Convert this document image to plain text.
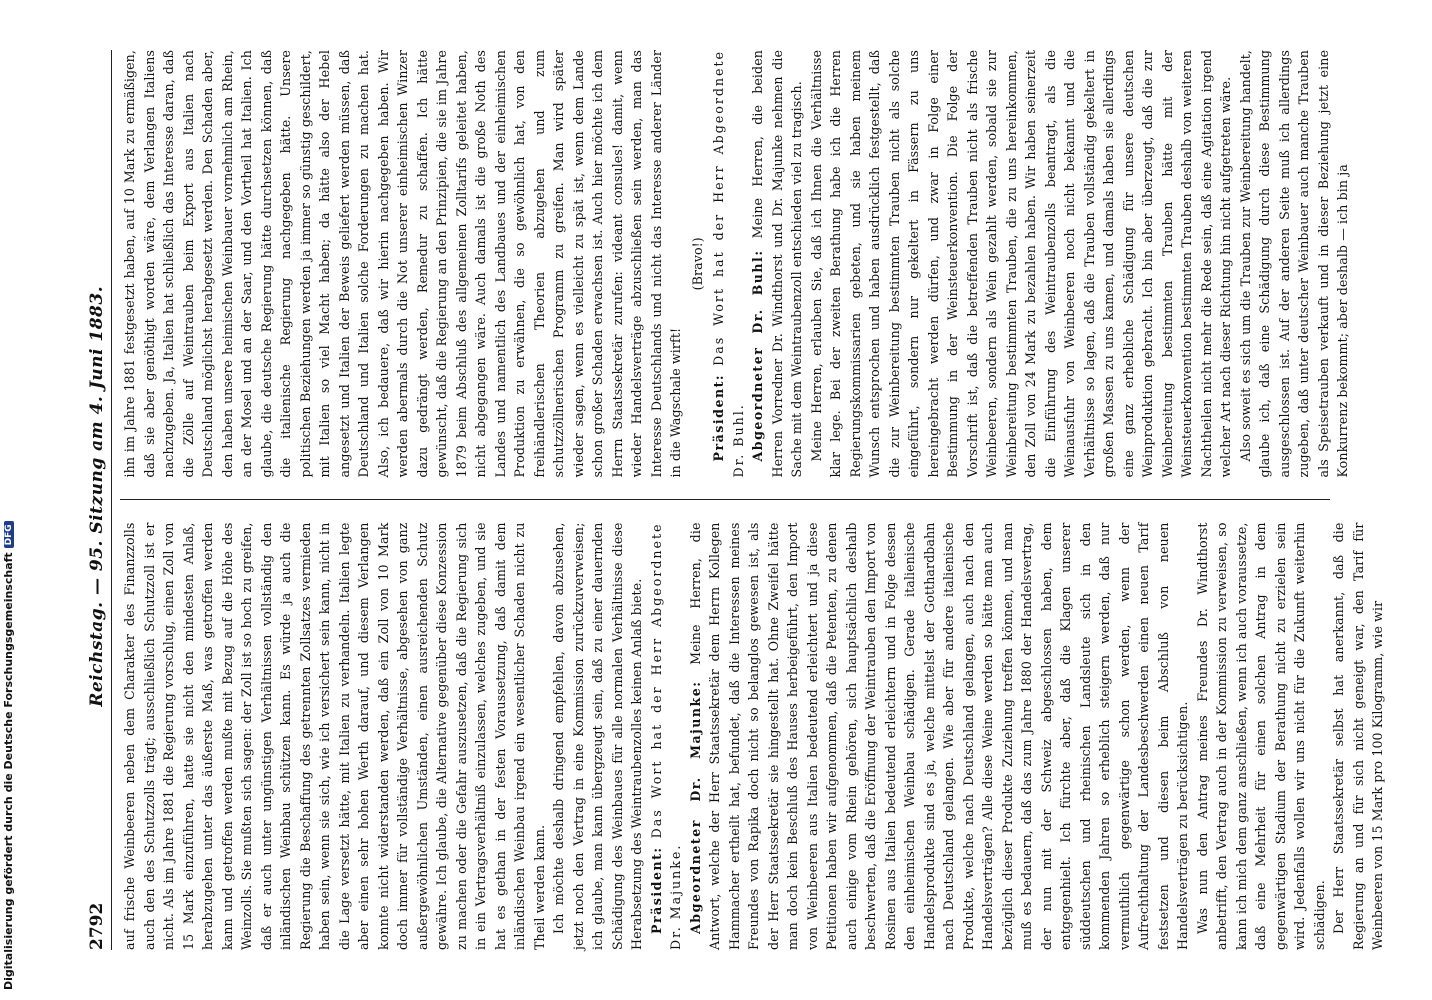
Digitalisierung gefördert durch die Deutsche Forschungsgemeinschaft
DFG
2792
Reichstag. — 95. Sitzung am 4. Juni 1883.

auf frische Weinbeeren neben dem Charakter des Finanzzolls auch den des Schutzzolls trägt; ausschließlich Schutzzoll ist er nicht. Als im Jahre 1881 die Regierung vorschlug, einen Zoll von 15 Mark einzuführen, hatte sie nicht den mindesten Anlaß, herabzugehen unter das äußerste Maß, was getroffen werden kann und getroffen werden mußte mit Bezug auf die Höhe des Weinzolls. Sie mußten sich sagen: der Zoll ist so hoch zu greifen, daß er auch unter ungünstigen Verhältnissen vollständig den inländischen Weinbau schützen kann. Es würde ja auch die Regierung die Beschaffung des getrennten Zollsatzes vermieden haben sein, wenn sie sich, wie ich versichert sein kann, nicht in die Lage versetzt hätte, mit Italien zu verhandeln. Italien legte aber einen sehr hohen Werth darauf, und diesem Verlangen konnte nicht widerstanden werden, daß ein Zoll von 10 Mark doch immer für vollständige Verhältnisse, abgesehen von ganz außergewöhnlichen Umständen, einen ausreichenden Schutz gewähre. Ich glaube, die Alternative gegenüber diese Konzession zu machen oder die Gefahr auszusetzen, daß die Regierung sich in ein Vertragsverhältniß einzulassen, welches zugeben, und sie hat es gethan in der festen Voraussetzung, daß damit dem inländischen Weinbau irgend ein wesentlicher Schaden nicht zu Theil werden kann. Ich möchte deshalb dringend empfehlen, davon abzusehen, jetzt noch den Vertrag in eine Kommission zurückzuverweisen; ich glaube, man kann übergzeugt sein, daß zu einer dauernden Schädigung des Weinbaues für alle normalen Verhältnisse diese Herabsetzung des Weintraubenzolles keinen Anlaß biete. Präsident: Das Wort hat der Herr Abgeordnete Dr. Majunke. Abgeordneter Dr. Majunke: Meine Herren, die Antwort, welche der Herr Staatssekretär dem Herrn Kollegen Hammacher ertheilt hat, befundet, daß die Interessen meines Freundes von Rapika doch nicht so belanglos gewesen ist, als der Herr Staatssekretär sie hingestellt hat. Ohne Zweifel hätte man doch kein Beschluß des Hauses herbeigeführt, den Import von Weinbeeren aus Italien bedeutend erleichtert und ja diese Petitionen haben wir aufgenommen, daß die Petenten, zu denen auch einige vom Rhein gehören, sich hauptsächlich deshalb beschwerten, daß die Eröffnung der Weintrauben den Import von Rosinen aus Italien bedeutend erleichtern und in Folge dessen den einheimischen Weinbau schädigen. Gerade italienische Handelsprodukte sind es ja, welche mittelst der Gotthardbahn nach Deutschland gelangen. Wie aber für andere italienische Produkte, welche nach Deutschland gelangen, auch nach den Handelsverträgen? Alle diese Weine werden so hätte man auch bezüglich dieser Produkte Zuziehung treffen können, und man muß es bedauern, daß das zum Jahre 1880 der Handelsvertrag, der nun mit der Schweiz abgeschlossen haben, dem entgegenhielt. Ich fürchte aber, daß die Klagen unserer süddeutschen und rheinischen Landsleute sich in den kommenden Jahren so erheblich steigern werden, daß nur vermuthlich gegenwärtige schon werden, wenn der Aufrechthaltung der Landesbeschwerden einen neuen Tarif festsetzen und diesen beim Abschluß von neuen Handelsverträgen zu berücksichtigen. Was nun den Antrag meines Freundes Dr. Windthorst anbetrifft, den Vertrag auch in der Kommission zu verweisen, so kann ich mich dem ganz anschließen, wenn ich auch voraussetze, daß eine Mehrheit für einen solchen Antrag in dem gegenwärtigen Stadium der Berathung nicht zu erzielen sein wird. Jedenfalls wollen wir uns nicht für die Zukunft weiterhin schädigen. Der Herr Staatssekretär selbst hat anerkannt, daß die Regierung an und für sich nicht geneigt war, den Tarif für Weinbeeren von 15 Mark pro 100 Kilogramm, wie wir

ihn im Jahre 1881 festgesetzt haben, auf 10 Mark zu ermäßigen, daß sie aber genöthigt worden wäre, dem Verlangen Italiens nachzugeben. Ja, Italien hat schließlich das Interesse daran, daß die Zölle auf Weintrauben beim Export aus Italien nach Deutschland möglichst herabgesetzt werden. Den Schaden aber, den haben unsere heimischen Weinbauer vornehmlich am Rhein, an der Mosel und an der Saar, und den Vortheil hat Italien. Ich glaube, die deutsche Regierung hätte durchsetzen können, daß die italienische Regierung nachgegeben hätte. Unsere politischen Beziehungen werden ja immer so günstig geschildert, mit Italien so viel Macht haben; da hätte also der Hebel angesetzt und Italien der Beweis geliefert werden müssen, daß Deutschland und Italien solche Forderungen zu machen hat. Also, ich bedauere, daß wir hierin nachgegeben haben. Wir werden abermals durch die Not unserer einheimischen Winzer dazu gedrängt werden, Remedur zu schaffen. Ich hätte gewünscht, daß die Regierung an den Prinzipien, die sie im Jahre 1879 beim Abschluß des allgemeinen Zolltarifs geleitet haben, nicht abgegangen wäre. Auch damals ist die große Noth des Landes und namentlich des Landbaues und der einheimischen Produktion zu erwähnen, die so gewöhnlich hat, von den freihändlerischen Theorien abzugehen und zum schutzzöllnerischen Programm zu greifen. Man wird später wieder sagen, wenn es vielleicht zu spät ist, wenn dem Lande schon großer Schaden erwachsen ist. Auch hier möchte ich dem Herrn Staatssekretär zurufen: videant consules! damit, wenn wieder Handelsverträge abzuschließen sein werden, man das Interesse Deutschlands und nicht das Interesse anderer Länder in die Wagschale wirft!

(Bravo!)

Präsident: Das Wort hat der Herr Abgeordnete Dr. Buhl. Abgeordneter Dr. Buhl: Meine Herren, die beiden Herren Vorredner Dr. Windthorst und Dr. Majunke nehmen die Sache mit dem Weintraubenzoll entschieden viel zu tragisch. Meine Herren, erlauben Sie, daß ich Ihnen die Verhältnisse klar lege. Bei der zweiten Berathung habe ich die Herren Regierungskommissarien gebeten, und sie haben meinem Wunsch entsprochen und haben ausdrücklich festgestellt, daß die zur Weinbereitung bestimmten Trauben nicht als solche eingeführt, sondern nur gekeltert in Fässern zu uns hereingebracht werden dürfen, und zwar in Folge einer Bestimmung in der Weinsteuerkonvention. Die Folge der Vorschrift ist, daß die betreffenden Trauben nicht als frische Weinbeeren, sondern als Wein gezahlt werden, sobald sie zur Weinbereitung bestimmten Trauben, die zu uns hereinkommen, den Zoll von 24 Mark zu bezahlen haben. Wir haben seinerzeit die Einführung des Weintraubenzolls beantragt, als die Weinausfuhr von Weinbeeren noch nicht bekannt und die Verhältnisse so lagen, daß die Trauben vollständig gekeltert in großen Massen zu uns kamen, und damals haben sie allerdings eine ganz erhebliche Schädigung für unsere deutschen Weinproduktion gebracht. Ich bin aber überzeugt, daß die zur Weinbereitung bestimmten Trauben hätte mit der Weinsteuerkonvention bestimmten Trauben deshalb von weiteren Nachtheilen nicht mehr die Rede sein, daß eine Agitation irgend welcher Art nach dieser Richtung hin nicht aufgetreten wäre. Also soweit es sich um die Trauben zur Weinbereitung handelt, glaube ich, daß eine Schädigung durch diese Bestimmung ausgeschlossen ist. Auf der anderen Seite muß ich allerdings zugeben, daß unter deutscher Weinbauer auch manche Trauben als Speisetrauben verkauft und in dieser Beziehung jetzt eine Konkurrenz bekommt; aber deshalb — ich bin ja
